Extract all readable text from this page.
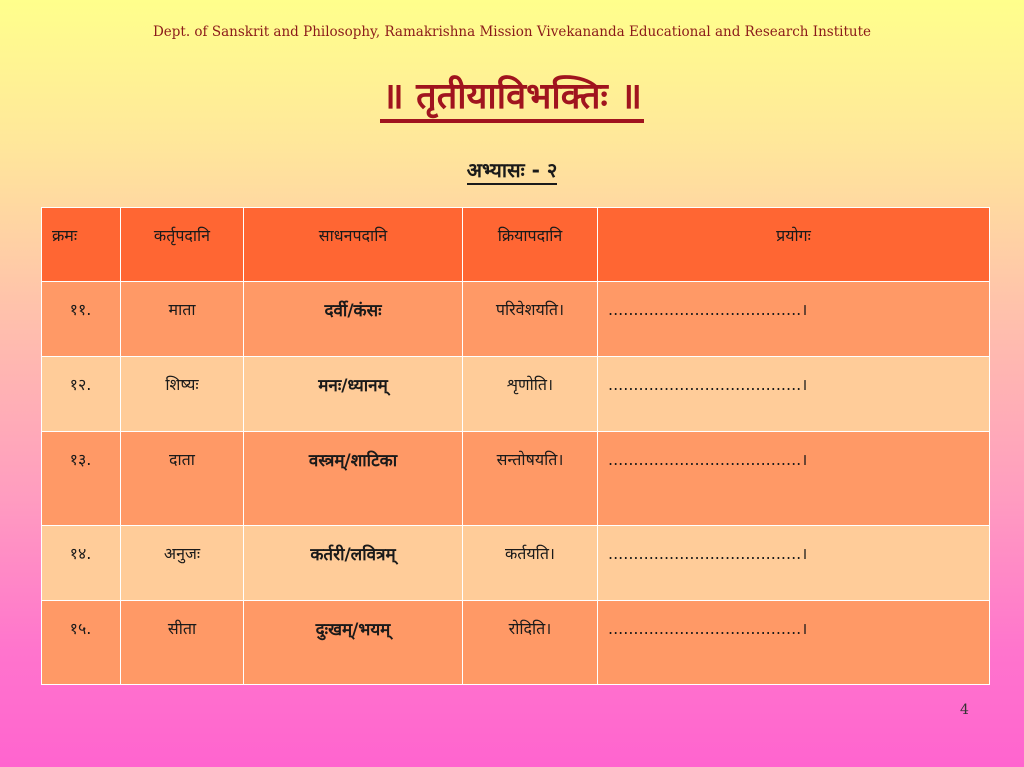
Dept. of Sanskrit and Philosophy, Ramakrishna Mission Vivekananda Educational and Research Institute
॥ तृतीयाविभक्तिः ॥
अभ्यासः - २
क्रमः	कर्तृपदानि	साधनपदानि	क्रियापदानि	प्रयोगः
११.	माता	दर्वी/कंसः	परिवेशयति।	......................................।
१२.	शिष्यः	मनः/ध्यानम्	शृणोति।	......................................।
१३.	दाता	वस्त्रम्/शाटिका	सन्तोषयति।	......................................।
१४.	अनुजः	कर्तरी/लवित्रम्	कर्तयति।	......................................।
१५.	सीता	दुःखम्/भयम्	रोदिति।	......................................।
4
